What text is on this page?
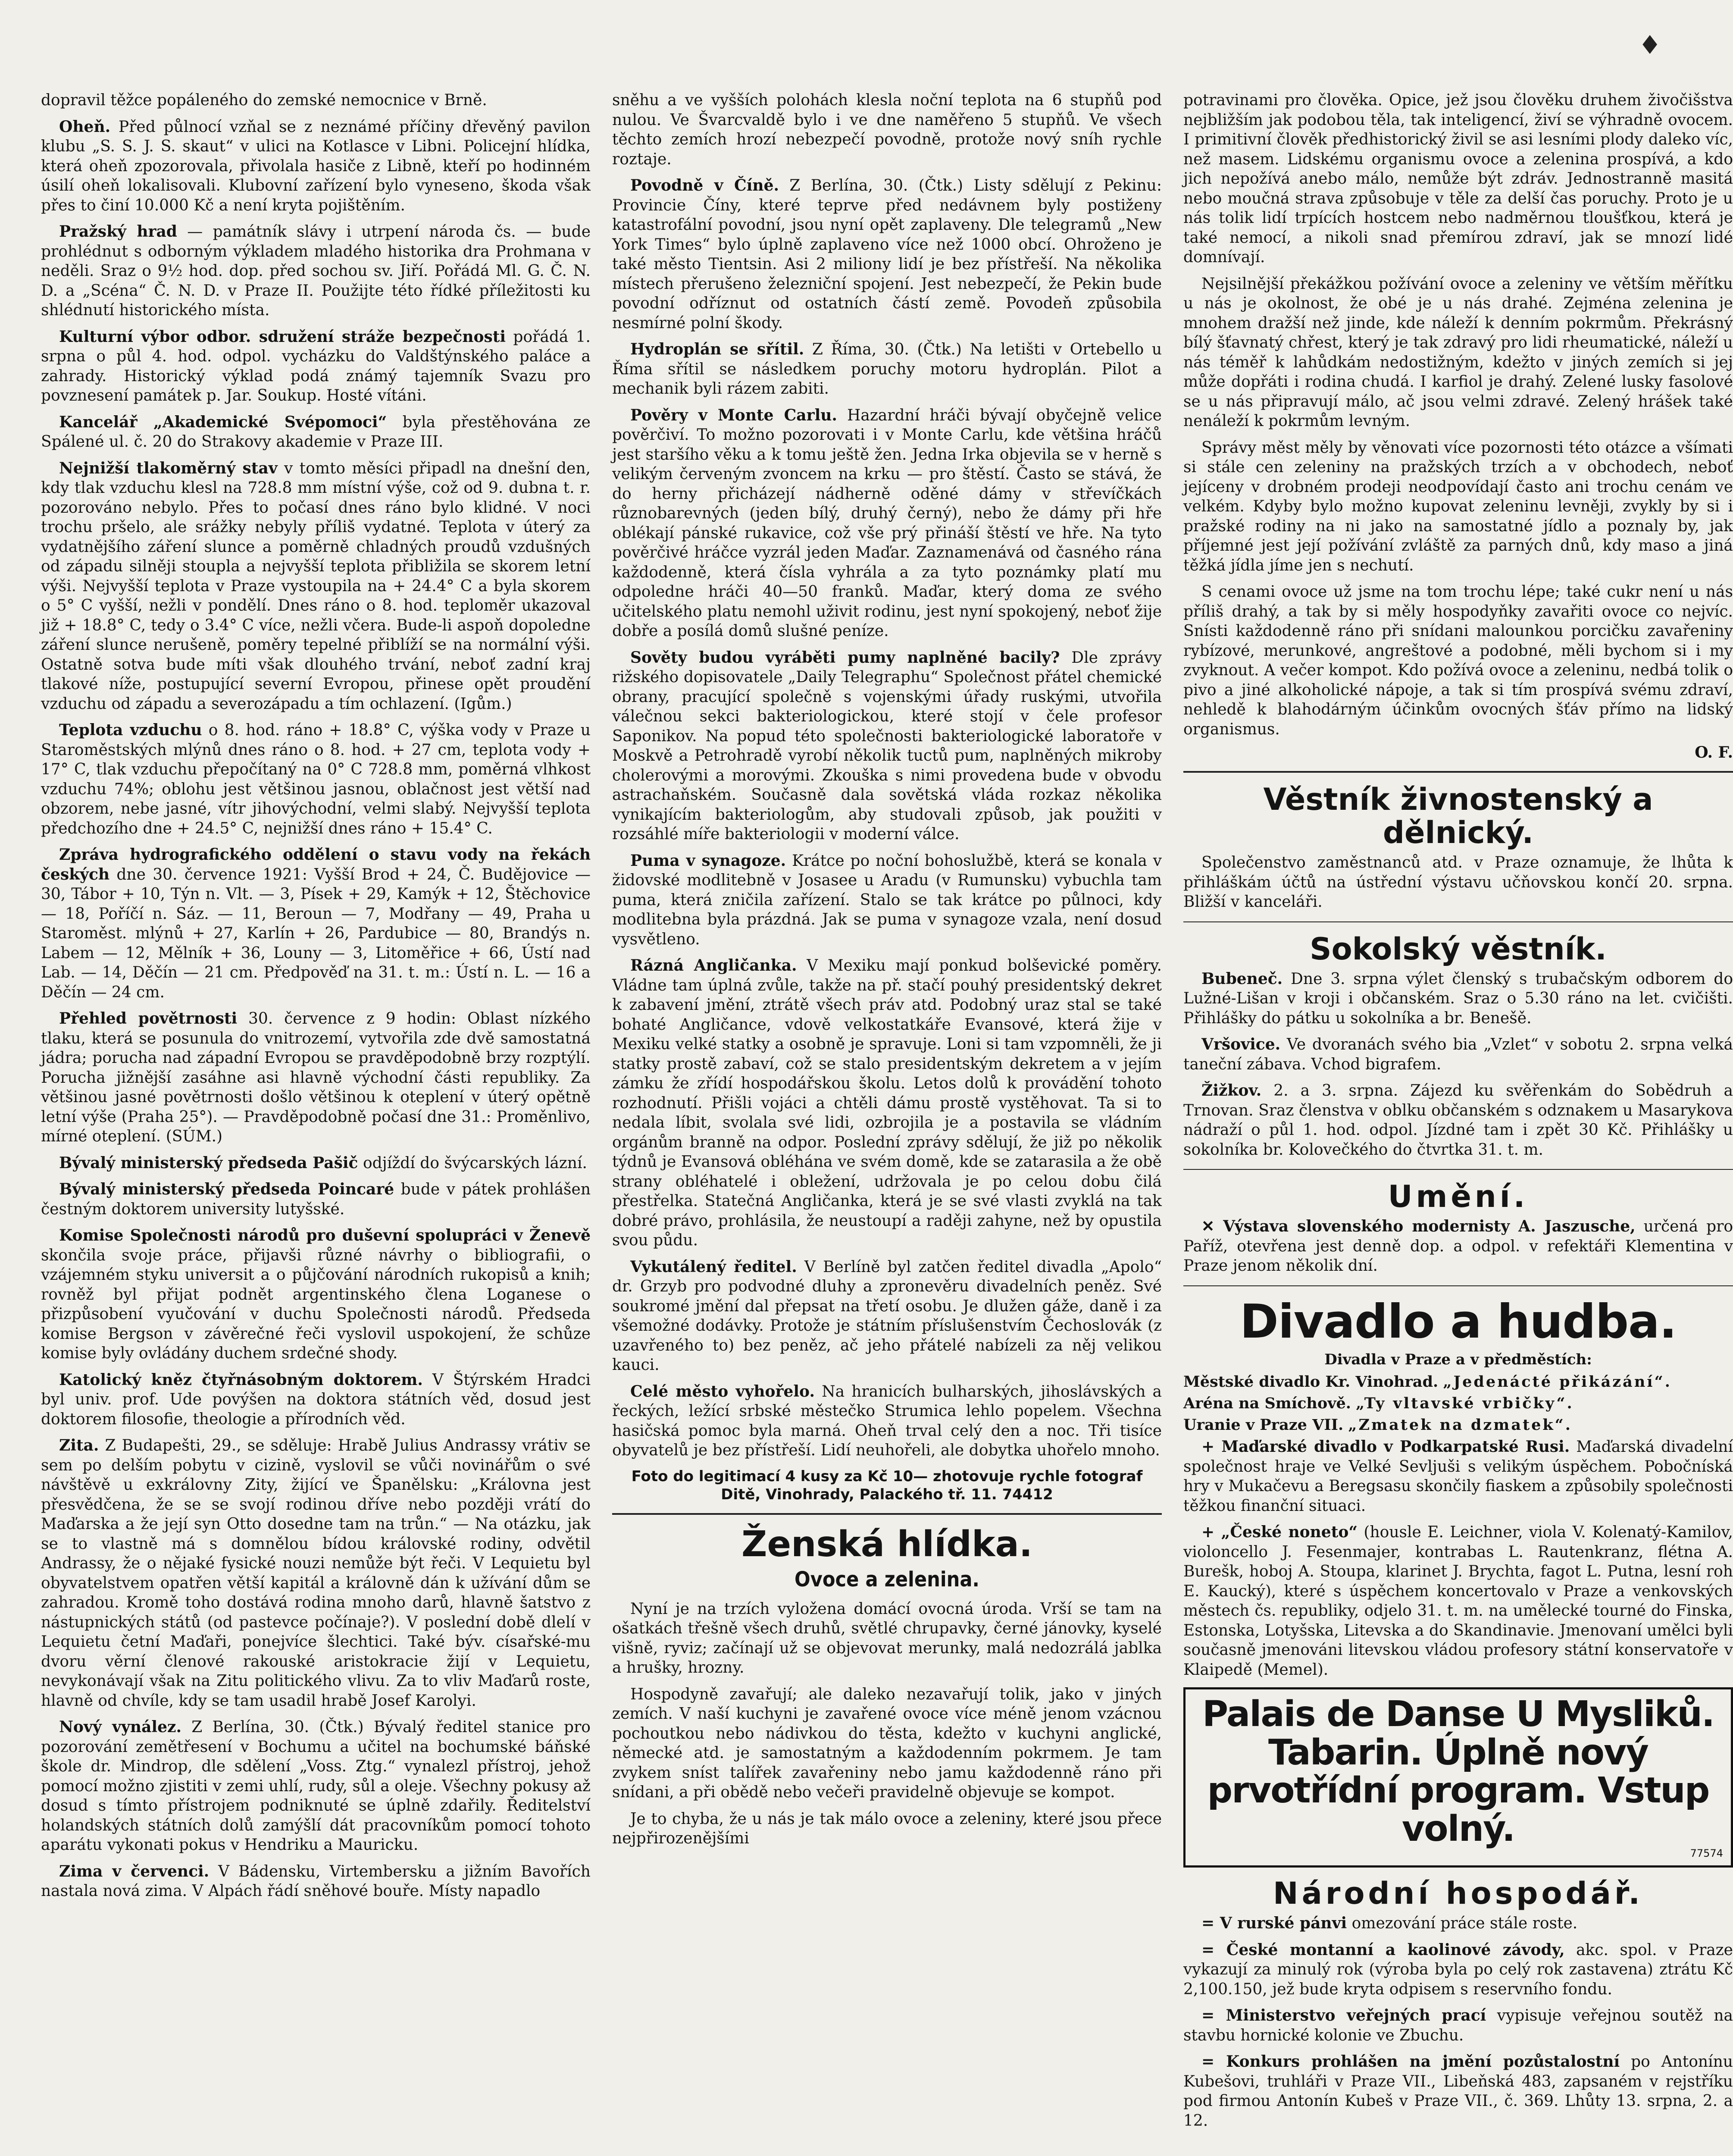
♦

dopravil těžce popáleného do zemské nemocnice v Brně.

Oheň. Před půlnocí vzňal se z neznámé příčiny dřevěný pavilon klubu „S. S. J. S. skaut“ v ulici na Kotlasce v Libni. Policejní hlídka, která oheň zpozorovala, přivolala hasiče z Libně, kteří po hodinném úsilí oheň lokalisovali. Klubovní zařízení bylo vyneseno, škoda však přes to činí 10.000 Kč a není kryta pojištěním.

Pražský hrad — památník slávy i utrpení národa čs. — bude prohlédnut s odborným výkladem mladého historika dra Prohmana v neděli. Sraz o 9½ hod. dop. před sochou sv. Jiří. Pořádá Ml. G. Č. N. D. a „Scéna“ Č. N. D. v Praze II. Použijte této řídké příležitosti ku shlédnutí historického místa.

Kulturní výbor odbor. sdružení stráže bezpečnosti pořádá 1. srpna o půl 4. hod. odpol. vycházku do Valdštýnského paláce a zahrady. Historický výklad podá známý tajemník Svazu pro povznesení památek p. Jar. Soukup. Hosté vítáni.

Kancelář „Akademické Svépomoci“ byla přestěhována ze Spálené ul. č. 20 do Strakovy akademie v Praze III.

Nejnižší tlakoměrný stav v tomto měsíci připadl na dnešní den, kdy tlak vzduchu klesl na 728.8 mm místní výše, což od 9. dubna t. r. pozorováno nebylo. Přes to počasí dnes ráno bylo klidné. V noci trochu pršelo, ale srážky nebyly příliš vydatné. Teplota v úterý za vydatnějšího záření slunce a poměrně chladných proudů vzdušných od západu silněji stoupla a nejvyšší teplota přibližila se skorem letní výši. Nejvyšší teplota v Praze vystoupila na + 24.4° C a byla skorem o 5° C vyšší, nežli v pondělí. Dnes ráno o 8. hod. teploměr ukazoval již + 18.8° C, tedy o 3.4° C více, nežli včera. Bude-li aspoň dopoledne záření slunce nerušeně, poměry tepelné přiblíží se na normální výši. Ostatně sotva bude míti však dlouhého trvání, neboť zadní kraj tlakové níže, postupující severní Evropou, přinese opět proudění vzduchu od západu a severozápadu a tím ochlazení. (Igům.)

Teplota vzduchu o 8. hod. ráno + 18.8° C, výška vody v Praze u Staroměstských mlýnů dnes ráno o 8. hod. + 27 cm, teplota vody + 17° C, tlak vzduchu přepočítaný na 0° C 728.8 mm, poměrná vlhkost vzduchu 74%; oblohu jest většinou jasnou, oblačnost jest větší nad obzorem, nebe jasné, vítr jihovýchodní, velmi slabý. Nejvyšší teplota předchozího dne + 24.5° C, nejnižší dnes ráno + 15.4° C.

Zpráva hydrografického oddělení o stavu vody na řekách českých dne 30. července 1921: Vyšší Brod + 24, Č. Budějovice — 30, Tábor + 10, Týn n. Vlt. — 3, Písek + 29, Kamýk + 12, Štěchovice — 18, Poříčí n. Sáz. — 11, Beroun — 7, Modřany — 49, Praha u Staroměst. mlýnů + 27, Karlín + 26, Pardubice — 80, Brandýs n. Labem — 12, Mělník + 36, Louny — 3, Litoměřice + 66, Ústí nad Lab. — 14, Děčín — 21 cm. Předpověď na 31. t. m.: Ústí n. L. — 16 a Děčín — 24 cm.

Přehled povětrnosti 30. července z 9 hodin: Oblast nízkého tlaku, která se posunula do vnitrozemí, vytvořila zde dvě samostatná jádra; porucha nad západní Evropou se pravděpodobně brzy rozptýlí. Porucha jižnější zasáhne asi hlavně východní části republiky. Za většinou jasné povětrnosti došlo většinou k oteplení v úterý opětně letní výše (Praha 25°). — Pravděpodobně počasí dne 31.: Proměnlivo, mírné oteplení. (SÚM.)

Bývalý ministerský předseda Pašič odjíždí do švýcarských lázní.

Bývalý ministerský předseda Poincaré bude v pátek prohlášen čestným doktorem university lutyšské.

Komise Společnosti národů pro duševní spolupráci v Ženevě skončila svoje práce, přijavši různé návrhy o bibliografii, o vzájemném styku universit a o půjčování národních rukopisů a knih; rovněž byl přijat podnět argentinského člena Loganese o přizpůsobení vyučování v duchu Společnosti národů. Předseda komise Bergson v závěrečné řeči vyslovil uspokojení, že schůze komise byly ovládány duchem srdečné shody.

Katolický kněz čtyřnásobným doktorem. V Štýrském Hradci byl univ. prof. Ude povýšen na doktora státních věd, dosud jest doktorem filosofie, theologie a přírodních věd.

Zita. Z Budapešti, 29., se sděluje: Hrabě Julius Andrassy vrátiv se sem po delším pobytu v cizině, vyslovil se vůči novinářům o své návštěvě u exkrálovny Zity, žijící ve Španělsku: „Královna jest přesvědčena, že se se svojí rodinou dříve nebo později vrátí do Maďarska a že její syn Otto dosedne tam na trůn.“ — Na otázku, jak se to vlastně má s domnělou bídou královské rodiny, odvětil Andrassy, že o nějaké fysické nouzi nemůže být řeči. V Lequietu byl obyvatelstvem opatřen větší kapitál a královně dán k užívání dům se zahradou. Kromě toho dostává rodina mnoho darů, hlavně šatstvo z nástupnických států (od pastevce počínaje?). V poslední době dlelí v Lequietu četní Maďaři, ponejvíce šlechtici. Také býv. císařské-mu dvoru věrní členové rakouské aristokracie žijí v Lequietu, nevykonávají však na Zitu politického vlivu. Za to vliv Maďarů roste, hlavně od chvíle, kdy se tam usadil hrabě Josef Karolyi.

Nový vynález. Z Berlína, 30. (Čtk.) Bývalý ředitel stanice pro pozorování zemětřesení v Bochumu a učitel na bochumské báňské škole dr. Mindrop, dle sdělení „Voss. Ztg.“ vynalezl přístroj, jehož pomocí možno zjistiti v zemi uhlí, rudy, sůl a oleje. Všechny pokusy až dosud s tímto přístrojem podniknuté se úplně zdařily. Ředitelství holandských státních dolů zamýšlí dát pracovníkům pomocí tohoto aparátu vykonati pokus v Hendriku a Mauricku.

Zima v červenci. V Bádensku, Virtembersku a jižním Bavořích nastala nová zima. V Alpách řádí sněhové bouře. Místy napadlo

sněhu a ve vyšších polohách klesla noční teplota na 6 stupňů pod nulou. Ve Švarcvaldě bylo i ve dne naměřeno 5 stupňů. Ve všech těchto zemích hrozí nebezpečí povodně, protože nový sníh rychle roztaje.

Povodně v Číně. Z Berlína, 30. (Čtk.) Listy sdělují z Pekinu: Provincie Číny, které teprve před nedávnem byly postiženy katastrofální povodní, jsou nyní opět zaplaveny. Dle telegramů „New York Times“ bylo úplně zaplaveno více než 1000 obcí. Ohroženo je také město Tientsin. Asi 2 miliony lidí je bez přístřeší. Na několika místech přerušeno železniční spojení. Jest nebezpečí, že Pekin bude povodní odříznut od ostatních částí země. Povodeň způsobila nesmírné polní škody.

Hydroplán se sřítil. Z Říma, 30. (Čtk.) Na letišti v Ortebello u Říma sřítil se následkem poruchy motoru hydroplán. Pilot a mechanik byli rázem zabiti.

Pověry v Monte Carlu. Hazardní hráči bývají obyčejně velice pověrčiví. To možno pozorovati i v Monte Carlu, kde většina hráčů jest staršího věku a k tomu ještě žen. Jedna Irka objevila se v herně s velikým červeným zvoncem na krku — pro štěstí. Často se stává, že do herny přicházejí nádherně oděné dámy v střevíčkách různobarevných (jeden bílý, druhý černý), nebo že dámy při hře oblékají pánské rukavice, což vše prý přináší štěstí ve hře. Na tyto pověrčivé hráčce vyzrál jeden Maďar. Zaznamenává od časného rána každodenně, která čísla vyhrála a za tyto poznámky platí mu odpoledne hráči 40—50 franků. Maďar, který doma ze svého učitelského platu nemohl uživit rodinu, jest nyní spokojený, neboť žije dobře a posílá domů slušné peníze.

Sověty budou vyráběti pumy naplněné bacily? Dle zprávy rižského dopisovatele „Daily Telegraphu“ Společnost přátel chemické obrany, pracující společně s vojenskými úřady ruskými, utvořila válečnou sekci bakteriologickou, které stojí v čele profesor Saponikov. Na popud této společnosti bakteriologické laboratoře v Moskvě a Petrohradě vyrobí několik tuctů pum, naplněných mikroby cholerovými a morovými. Zkouška s nimi provedena bude v obvodu astrachaňském. Současně dala sovětská vláda rozkaz několika vynikajícím bakteriologům, aby studovali způsob, jak použiti v rozsáhlé míře bakteriologii v moderní válce.

Puma v synagoze. Krátce po noční bohoslužbě, která se konala v židovské modlitebně v Josasee u Aradu (v Rumunsku) vybuchla tam puma, která zničila zařízení. Stalo se tak krátce po půlnoci, kdy modlitebna byla prázdná. Jak se puma v synagoze vzala, není dosud vysvětleno.

Rázná Angličanka. V Mexiku mají ponkud bolševické poměry. Vládne tam úplná zvůle, takže na př. stačí pouhý presidentský dekret k zabavení jmění, ztrátě všech práv atd. Podobný uraz stal se také bohaté Angličance, vdově velkostatkáře Evansové, která žije v Mexiku velké statky a osobně je spravuje. Loni si tam vzpomněli, že ji statky prostě zabaví, což se stalo presidentským dekretem a v jejím zámku že zřídí hospodářskou školu. Letos dolů k provádění tohoto rozhodnutí. Přišli vojáci a chtěli dámu prostě vystěhovat. Ta si to nedala líbit, svolala své lidi, ozbrojila je a postavila se vládním orgánům branně na odpor. Poslední zprávy sdělují, že již po několik týdnů je Evansová obléhána ve svém domě, kde se zatarasila a že obě strany obléhatelé i obležení, udržovala je po celou dobu čilá přestřelka. Statečná Angličanka, která je se své vlasti zvyklá na tak dobré právo, prohlásila, že neustoupí a raději zahyne, než by opustila svou půdu.

Vykutálený ředitel. V Berlíně byl zatčen ředitel divadla „Apolo“ dr. Grzyb pro podvodné dluhy a zpronevěru divadelních peněz. Své soukromé jmění dal přepsat na třetí osobu. Je dlužen gáže, daně i za všemožné dodávky. Protože je státním příslušenstvím Čechoslovák (z uzavřeného to) bez peněz, ač jeho přátelé nabízeli za něj velikou kauci.

Celé město vyhořelo. Na hranicích bulharských, jihoslávských a řeckých, ležící srbské městečko Strumica lehlo popelem. Všechna hasičská pomoc byla marná. Oheň trval celý den a noc. Tři tisíce obyvatelů je bez přístřeší. Lidí neuhořeli, ale dobytka uhořelo mnoho.

Foto do legitimací 4 kusy za Kč 10— zhotovuje rychle fotograf Ditě, Vinohrady, Palackého tř. 11. 74412
Ženská hlídka.
Ovoce a zelenina.

Nyní je na trzích vyložena domácí ovocná úroda. Vrší se tam na ošatkách třešně všech druhů, světlé chrupavky, černé jánovky, kyselé višně, ryviz; začínají už se objevovat merunky, malá nedozrálá jablka a hrušky, hrozny.

Hospodyně zavařují; ale daleko nezavařují tolik, jako v jiných zemích. V naší kuchyni je zavařené ovoce více méně jenom vzácnou pochoutkou nebo nádivkou do těsta, kdežto v kuchyni anglické, německé atd. je samostatným a každodenním pokrmem. Je tam zvykem sníst talířek zavařeniny nebo jamu každodenně ráno při snídani, a při obědě nebo večeři pravidelně objevuje se kompot.

Je to chyba, že u nás je tak málo ovoce a zeleniny, které jsou přece nejpřirozenějšími

potravinami pro člověka. Opice, jež jsou člověku druhem živočišstva nejbližším jak podobou těla, tak inteligencí, živí se výhradně ovocem. I primitivní člověk předhistorický živil se asi lesními plody daleko víc, než masem. Lidskému organismu ovoce a zelenina prospívá, a kdo jich nepožívá anebo málo, nemůže být zdráv. Jednostranně masitá nebo moučná strava způsobuje v těle za delší čas poruchy. Proto je u nás tolik lidí trpících hostcem nebo nadměrnou tloušťkou, která je také nemocí, a nikoli snad přemírou zdraví, jak se mnozí lidé domnívají.

Nejsilnější překážkou požívání ovoce a zeleniny ve větším měřítku u nás je okolnost, že obé je u nás drahé. Zejména zelenina je mnohem dražší než jinde, kde náleží k denním pokrmům. Překrásný bílý šťavnatý chřest, který je tak zdravý pro lidi rheumatické, náleží u nás téměř k lahůdkám nedostižným, kdežto v jiných zemích si jej může dopřáti i rodina chudá. I karfiol je drahý. Zelené lusky fasolové se u nás připravují málo, ač jsou velmi zdravé. Zelený hrášek také nenáleží k pokrmům levným.

Správy měst měly by věnovati více pozornosti této otázce a všímati si stále cen zeleniny na pražských trzích a v obchodech, neboť jejíceny v drobném prodeji neodpovídají často ani trochu cenám ve velkém. Kdyby bylo možno kupovat zeleninu levněji, zvykly by si i pražské rodiny na ni jako na samostatné jídlo a poznaly by, jak příjemné jest její požívání zvláště za parných dnů, kdy maso a jiná těžká jídla jíme jen s nechutí.

S cenami ovoce už jsme na tom trochu lépe; také cukr není u nás příliš drahý, a tak by si měly hospodyňky zavařiti ovoce co nejvíc. Snísti každodenně ráno při snídani malounkou porcičku zavařeniny rybízové, merunkové, angreštové a podobné, měli bychom si i my zvyknout. A večer kompot. Kdo požívá ovoce a zeleninu, nedbá tolik o pivo a jiné alkoholické nápoje, a tak si tím prospívá svému zdraví, nehledě k blahodárným účinkům ovocných šťáv přímo na lidský organismus.

O. F.
Věstník živnostenský a dělnický.

Společenstvo zaměstnanců atd. v Praze oznamuje, že lhůta k přihláškám účtů na ústřední výstavu učňovskou končí 20. srpna. Bližší v kanceláři.

Sokolský věstník.

Bubeneč. Dne 3. srpna výlet členský s trubačským odborem do Lužné-Lišan v kroji i občanském. Sraz o 5.30 ráno na let. cvičišti. Přihlášky do pátku u sokolníka a br. Benešě.

Vršovice. Ve dvoranách svého bia „Vzlet“ v sobotu 2. srpna velká taneční zábava. Vchod bigrafem.

Žižkov. 2. a 3. srpna. Zájezd ku svěřenkám do Sobědruh a Trnovan. Sraz členstva v oblku občanském s odznakem u Masarykova nádraží o půl 1. hod. odpol. Jízdné tam i zpět 30 Kč. Přihlášky u sokolníka br. Kolovečkého do čtvrtka 31. t. m.

Umění.

✕ Výstava slovenského modernisty A. Jaszusche, určená pro Paříž, otevřena jest denně dop. a odpol. v refektáři Klementina v Praze jenom několik dní.

Divadlo a hudba.
Divadla v Praze a v předměstích:

Městské divadlo Kr. Vinohrad. „Jedenácté přikázání“.

Aréna na Smíchově. „Ty vltavské vrbičky“.

Uranie v Praze VII. „Zmatek na dzmatek“.

+ Maďarské divadlo v Podkarpatské Rusi. Maďarská divadelní společnost hraje ve Velké Sevljuši s velikým úspěchem. Pobočníská hry v Mukačevu a Beregsasu skončily fiaskem a způsobily společnosti těžkou finanční situaci.

+ „České noneto“ (housle E. Leichner, viola V. Kolenatý-Kamilov, violoncello J. Fesenmajer, kontrabas L. Rautenkranz, flétna A. Burešk, hoboj A. Stoupa, klarinet J. Brychta, fagot L. Putna, lesní roh E. Kaucký), které s úspěchem koncertovalo v Praze a venkovských městech čs. republiky, odjelo 31. t. m. na umělecké tourné do Finska, Estonska, Lotyšska, Litevska a do Skandinavie. Jmenovaní umělci byli současně jmenováni litevskou vládou profesory státní konservatoře v Klaipedě (Memel).

Palais de Danse U Mysliků. Tabarin. Úplně nový prvotřídní program. Vstup volný.
77574
Národní hospodář.

= V rurské pánvi omezování práce stále roste.

= České montanní a kaolinové závody, akc. spol. v Praze vykazují za minulý rok (výroba byla po celý rok zastavena) ztrátu Kč 2,100.150, jež bude kryta odpisem s reservního fondu.

= Ministerstvo veřejných prací vypisuje veřejnou soutěž na stavbu hornické kolonie ve Zbuchu.

= Konkurs prohlášen na jmění pozůstalostní po Antonínu Kubešovi, truhláři v Praze VII., Libeňská 483, zapsaném v rejstříku pod firmou Antonín Kubeš v Praze VII., č. 369. Lhůty 13. srpna, 2. a 12.
